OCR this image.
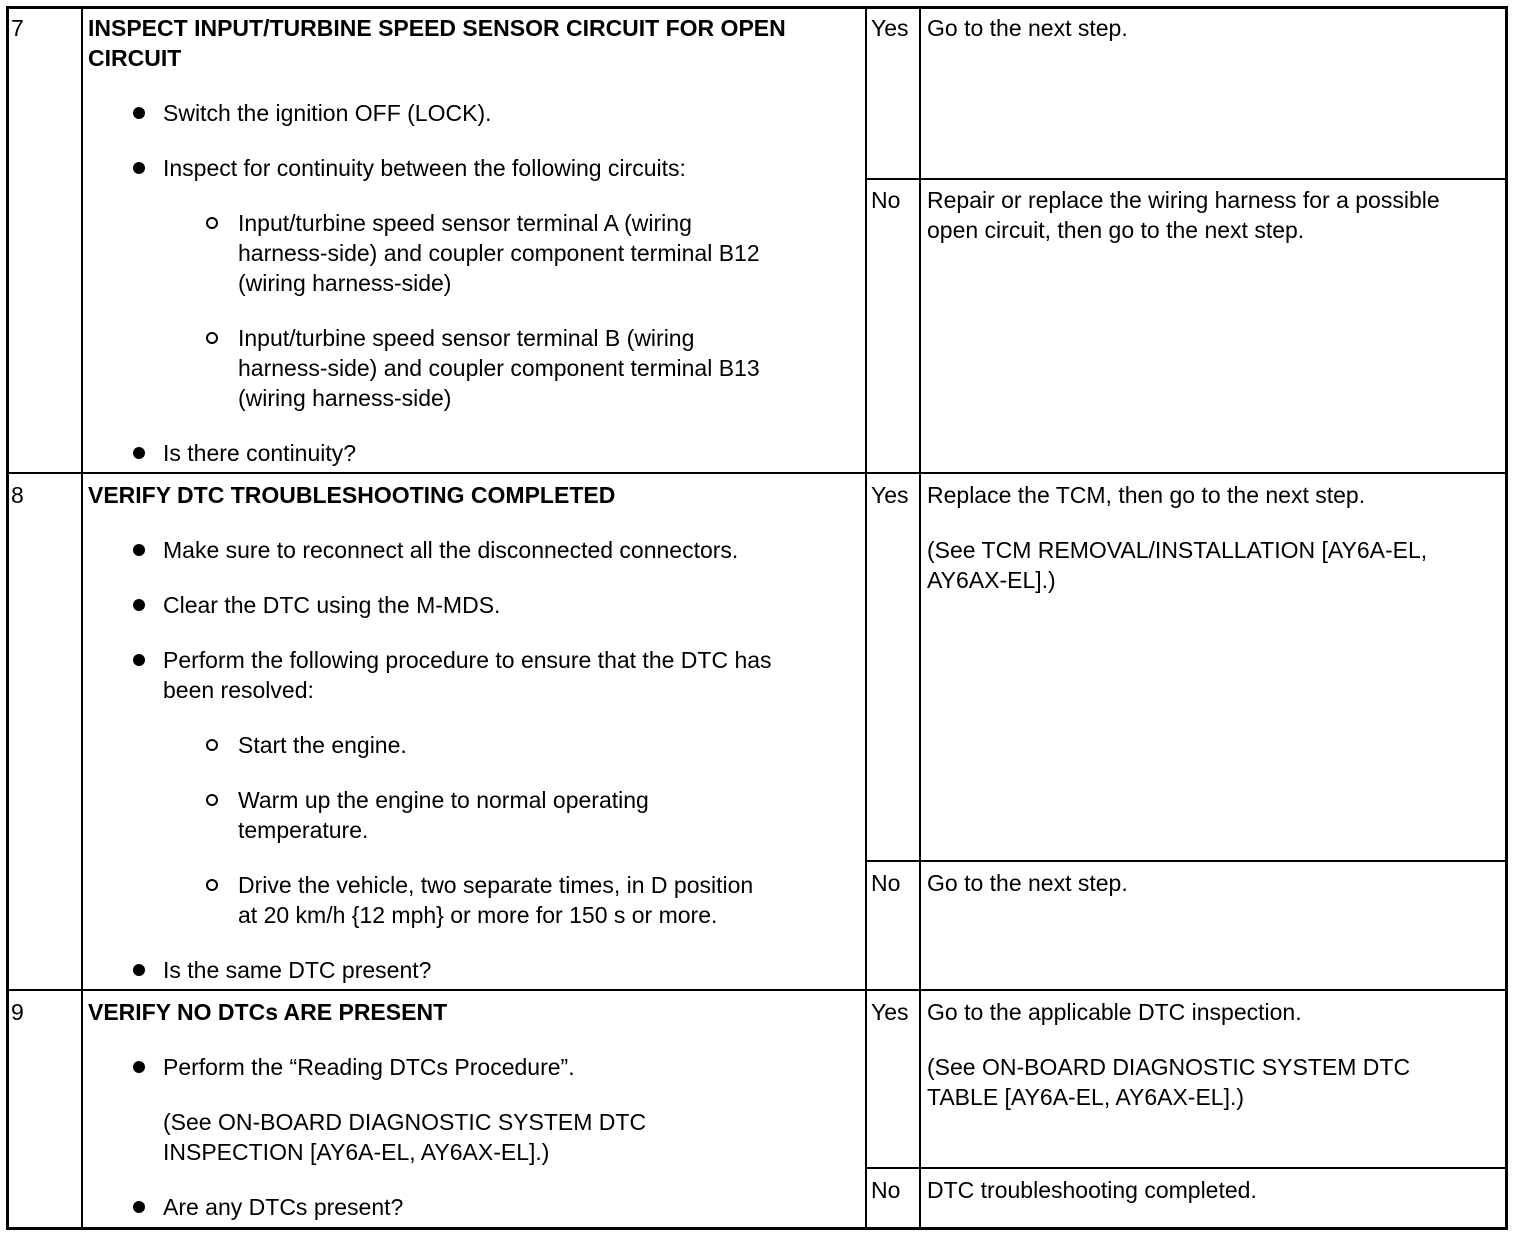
7	INSPECT INPUT/TURBINE SPEED SENSOR CIRCUIT FOR OPEN
CIRCUIT
Switch the ignition OFF (LOCK).
Inspect for continuity between the following circuits:
Input/turbine speed sensor terminal A (wiring
harness-side) and coupler component terminal B12
(wiring harness-side)
Input/turbine speed sensor terminal B (wiring
harness-side) and coupler component terminal B13
(wiring harness-side)
Is there continuity?
Yes Go to the next step.
No Repair or replace the wiring harness for a possible
open circuit, then go to the next step.
8	VERIFY DTC TROUBLESHOOTING COMPLETED
Make sure to reconnect all the disconnected connectors.
Clear the DTC using the M-MDS.
Perform the following procedure to ensure that the DTC has
been resolved:
Start the engine.
Warm up the engine to normal operating
temperature.
Drive the vehicle, two separate times, in D position
at 20 km/h {12 mph} or more for 150 s or more.
Is the same DTC present?
Yes Replace the TCM, then go to the next step.
(See TCM REMOVAL/INSTALLATION [AY6A-EL,
AY6AX-EL].)
No Go to the next step.
9	VERIFY NO DTCs ARE PRESENT
Perform the “Reading DTCs Procedure”.
(See ON-BOARD DIAGNOSTIC SYSTEM DTC
INSPECTION [AY6A-EL, AY6AX-EL].)
Are any DTCs present?
Yes Go to the applicable DTC inspection.
(See ON-BOARD DIAGNOSTIC SYSTEM DTC
TABLE [AY6A-EL, AY6AX-EL].)
No DTC troubleshooting completed.
